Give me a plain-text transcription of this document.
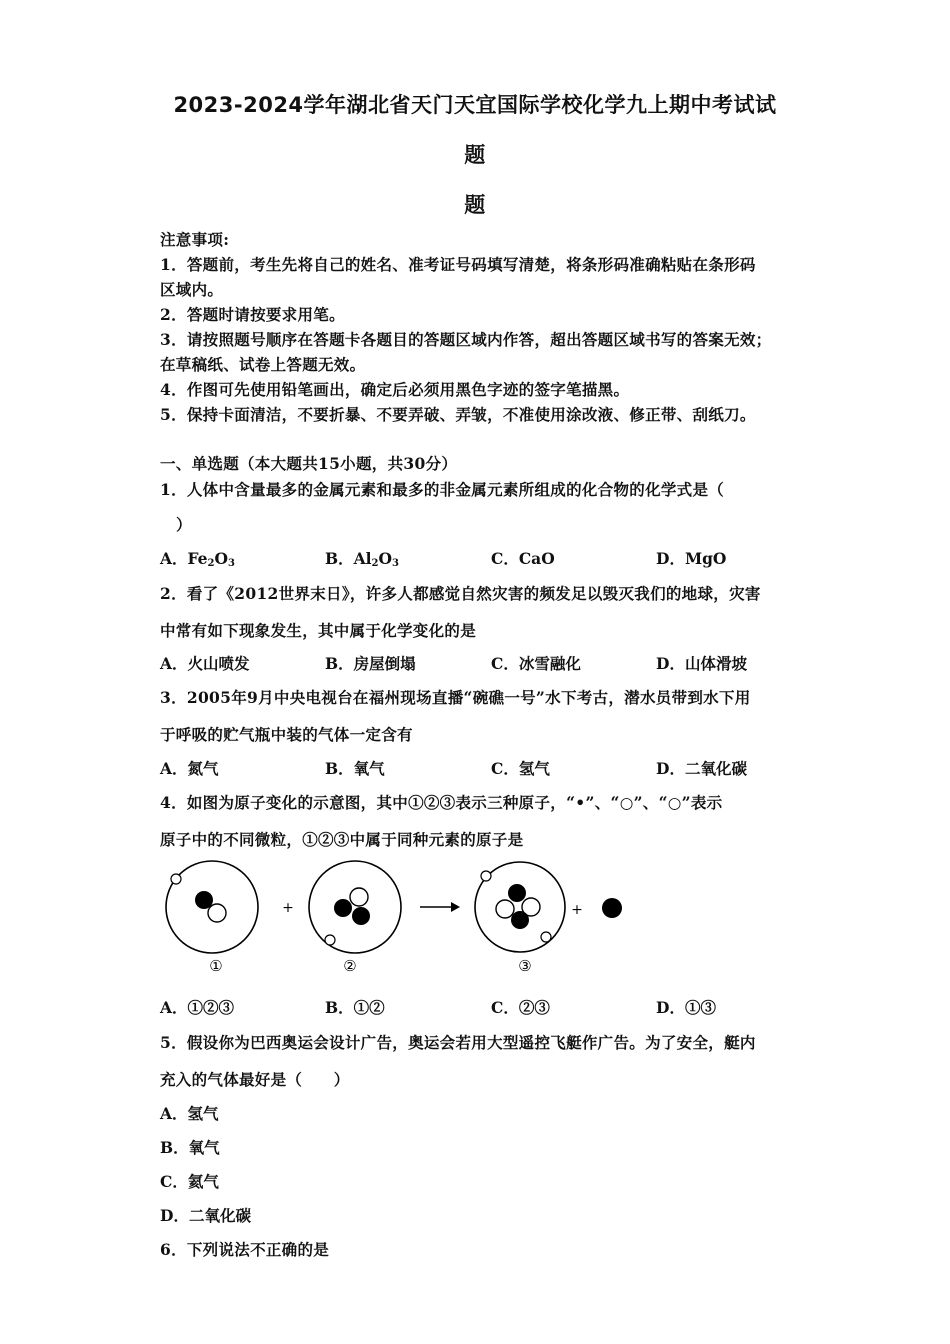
2023-2024学年湖北省天门天宜国际学校化学九上期中考试试
题
题
注意事项:
1．答题前，考生先将自己的姓名、准考证号码填写清楚，将条形码准确粘贴在条形码
区域内。
2．答题时请按要求用笔。
3．请按照题号顺序在答题卡各题目的答题区域内作答，超出答题区域书写的答案无效；
在草稿纸、试卷上答题无效。
4．作图可先使用铅笔画出，确定后必须用黑色字迹的签字笔描黑。
5．保持卡面清洁，不要折暴、不要弄破、弄皱，不准使用涂改液、修正带、刮纸刀。
一、单选题（本大题共15小题，共30分）
1．人体中含量最多的金属元素和最多的非金属元素所组成的化合物的化学式是（
）
A．$Fe_2O_3$	B．$Al_2O_3$	C．CaO	D．MgO
2．看了《2012世界末日》，许多人都感觉自然灾害的频发足以毁灭我们的地球，灾害
中常有如下现象发生，其中属于化学变化的是
A．火山喷发	B．房屋倒塌	C．冰雪融化	D．山体滑坡
3．2005年9月中央电视台在福州现场直播“碗礁一号”水下考古，潜水员带到水下用
于呼吸的贮气瓶中装的气体一定含有
A．氮气	B．氧气	C．氢气	D．二氧化碳
4．如图为原子变化的示意图，其中①②③表示三种原子，“•”、“○”、“○”表示
原子中的不同微粒，①②③中属于同种元素的原子是
①
+
②	③
+
A．①②③	B．①②	C．②③	D．①③
5．假设你为巴西奥运会设计广告，奥运会若用大型遥控飞艇作广告。为了安全，艇内
充入的气体最好是（　　）
A．氢气
B．氧气
C．氦气
D．二氧化碳
6．下列说法不正确的是
